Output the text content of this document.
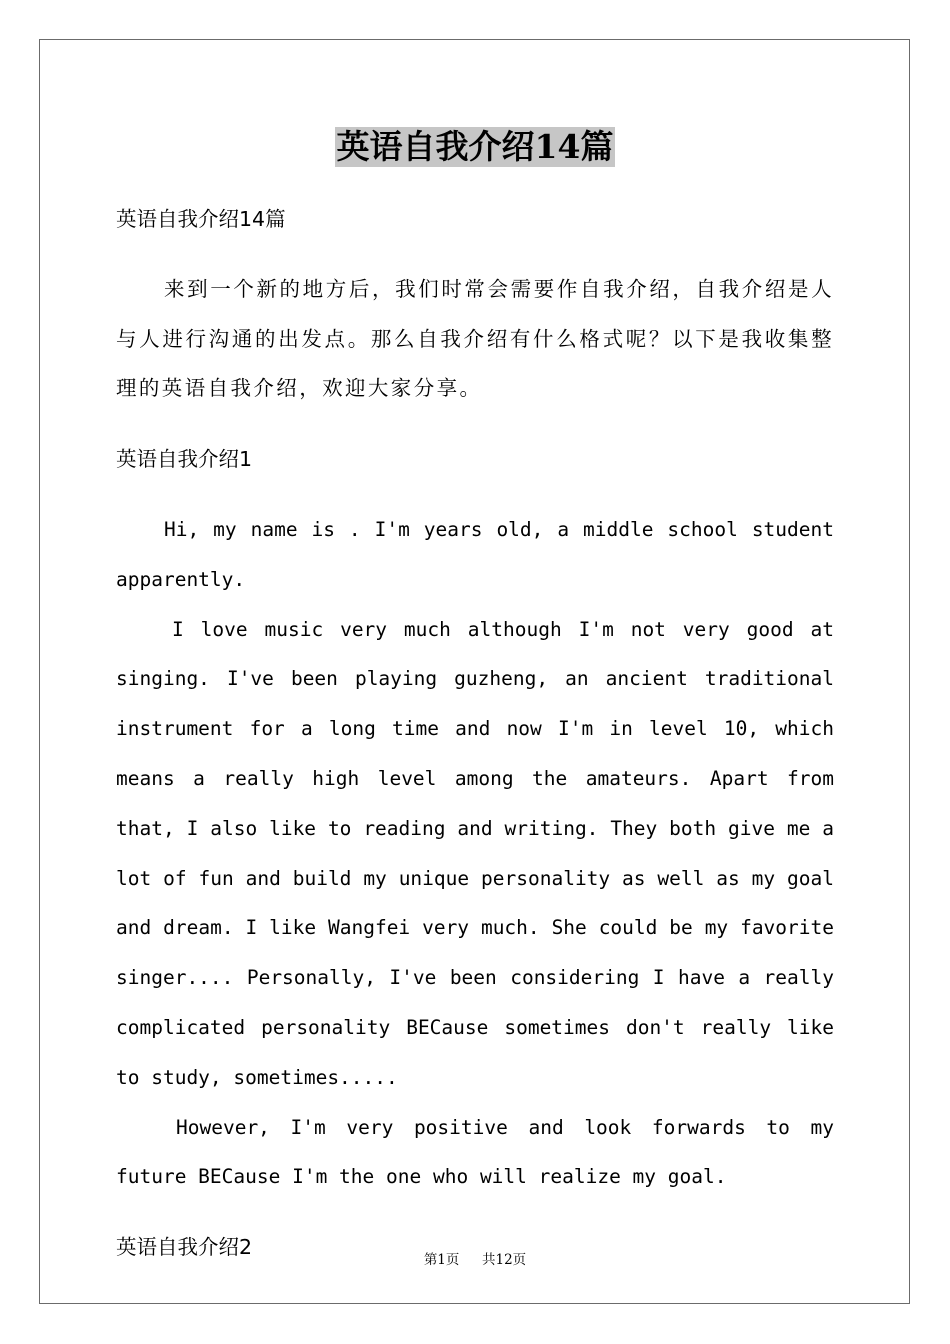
英语自我介绍14篇

英语自我介绍14篇

来到一个新的地方后，我们时常会需要作自我介绍，自我介绍是人与人进行沟通的出发点。那么自我介绍有什么格式呢？以下是我收集整理的英语自我介绍，欢迎大家分享。

英语自我介绍1

Hi, my name is . I'm years old, a middle school student apparently.

I love music very much although I'm not very good at singing. I've been playing guzheng, an ancient traditional instrument for a long time and now I'm in level 10, which means a really high level among the amateurs. Apart from that, I also like to reading and writing. They both give me a lot of fun and build my unique personality as well as my goal and dream. I like Wangfei very much. She could be my favorite singer.... Personally, I've been considering I have a really complicated personality BECause sometimes don't really like to study, sometimes.....

However, I'm very positive and look forwards to my future BECause I'm the one who will realize my goal.

英语自我介绍2

第1页 共12页
